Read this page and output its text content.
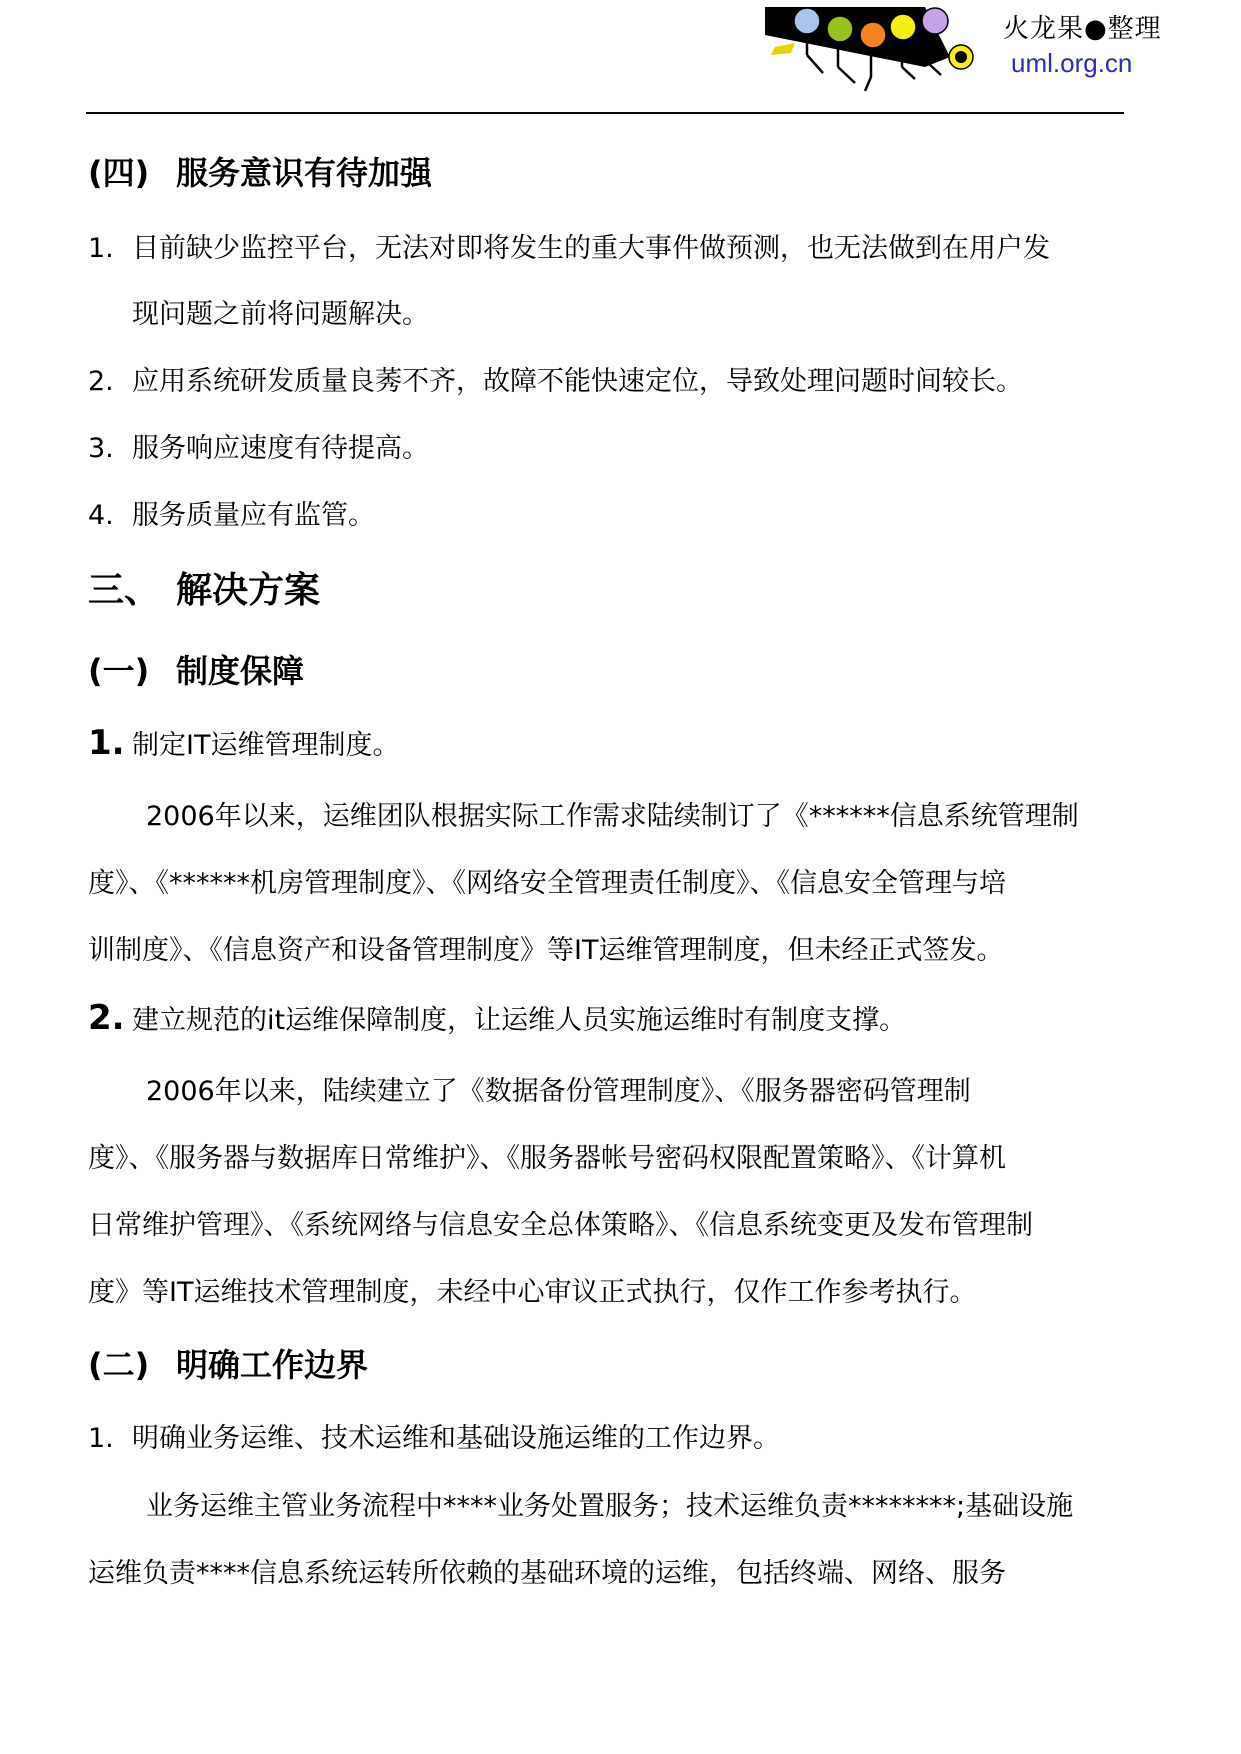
火龙果●整理
uml.org.cn
(四) 服务意识有待加强
1. 目前缺少监控平台，无法对即将发生的重大事件做预测，也无法做到在用户发
现问题之前将问题解决。
2. 应用系统研发质量良莠不齐，故障不能快速定位，导致处理问题时间较长。
3. 服务响应速度有待提高。
4. 服务质量应有监管。
三、 解决方案
(一) 制度保障
1. 制定IT运维管理制度。
2006年以来，运维团队根据实际工作需求陆续制订了《******信息系统管理制
度》、《******机房管理制度》、《网络安全管理责任制度》、《信息安全管理与培
训制度》、《信息资产和设备管理制度》等IT运维管理制度，但未经正式签发。
2. 建立规范的it运维保障制度，让运维人员实施运维时有制度支撑。
2006年以来，陆续建立了《数据备份管理制度》、《服务器密码管理制
度》、《服务器与数据库日常维护》、《服务器帐号密码权限配置策略》、《计算机
日常维护管理》、《系统网络与信息安全总体策略》、《信息系统变更及发布管理制
度》等IT运维技术管理制度，未经中心审议正式执行，仅作工作参考执行。
(二) 明确工作边界
1. 明确业务运维、技术运维和基础设施运维的工作边界。
业务运维主管业务流程中****业务处置服务；技术运维负责********;基础设施
运维负责****信息系统运转所依赖的基础环境的运维，包括终端、网络、服务
